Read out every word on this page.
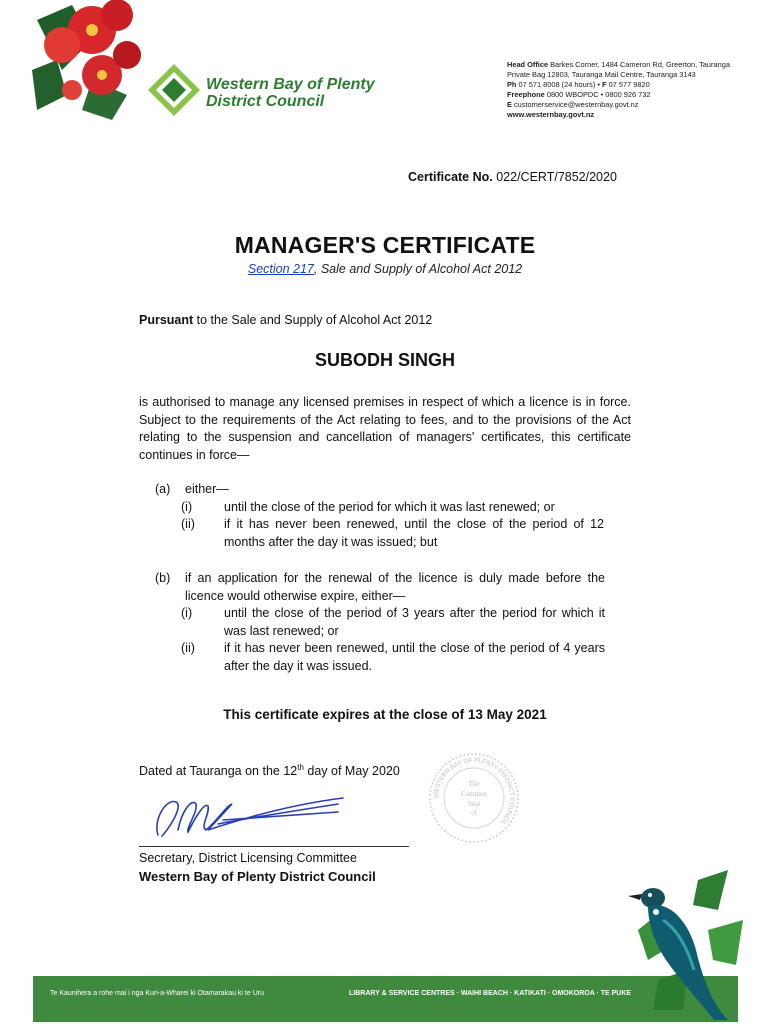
Western Bay of Plenty
District Council
Head Office Barkes Corner, 1484 Cameron Rd, Greerton, Tauranga
Private Bag 12803, Tauranga Mail Centre, Tauranga 3143
Ph 07 571 8008 (24 hours) • F 07 577 9820
Freephone 0800 WBOPDC • 0800 926 732
E customerservice@westernbay.govt.nz
www.westernbay.govt.nz
Certificate No. 022/CERT/7852/2020
MANAGER'S CERTIFICATE
Section 217, Sale and Supply of Alcohol Act 2012
Pursuant to the Sale and Supply of Alcohol Act 2012
SUBODH SINGH
is authorised to manage any licensed premises in respect of which a licence is in force. Subject to the requirements of the Act relating to fees, and to the provisions of the Act relating to the suspension and cancellation of managers' certificates, this certificate continues in force—
(a) either—
(i)	until the close of the period for which it was last renewed; or
(ii) if it has never been renewed, until the close of the period of 12 months after the day it was issued; but
(b) if an application for the renewal of the licence is duly made before the licence would otherwise expire, either—
(i)	until the close of the period of 3 years after the period for which it was last renewed; or
(ii) if it has never been renewed, until the close of the period of 4 years after the day it was issued.
This certificate expires at the close of 13 May 2021
Dated at Tauranga on the 12th day of May 2020
Secretary, District Licensing Committee
Western Bay of Plenty District Council
WESTERN BAY OF PLENTY DISTRICT COUNCIL
The
Common
Seal
of
Te Kaunihera a rohe mai i nga Kuri-a-Wharei ki Otamarakau ki te Uru	LIBRARY & SERVICE CENTRES · WAIHI BEACH · KATIKATI · OMOKOROA · TE PUKE
